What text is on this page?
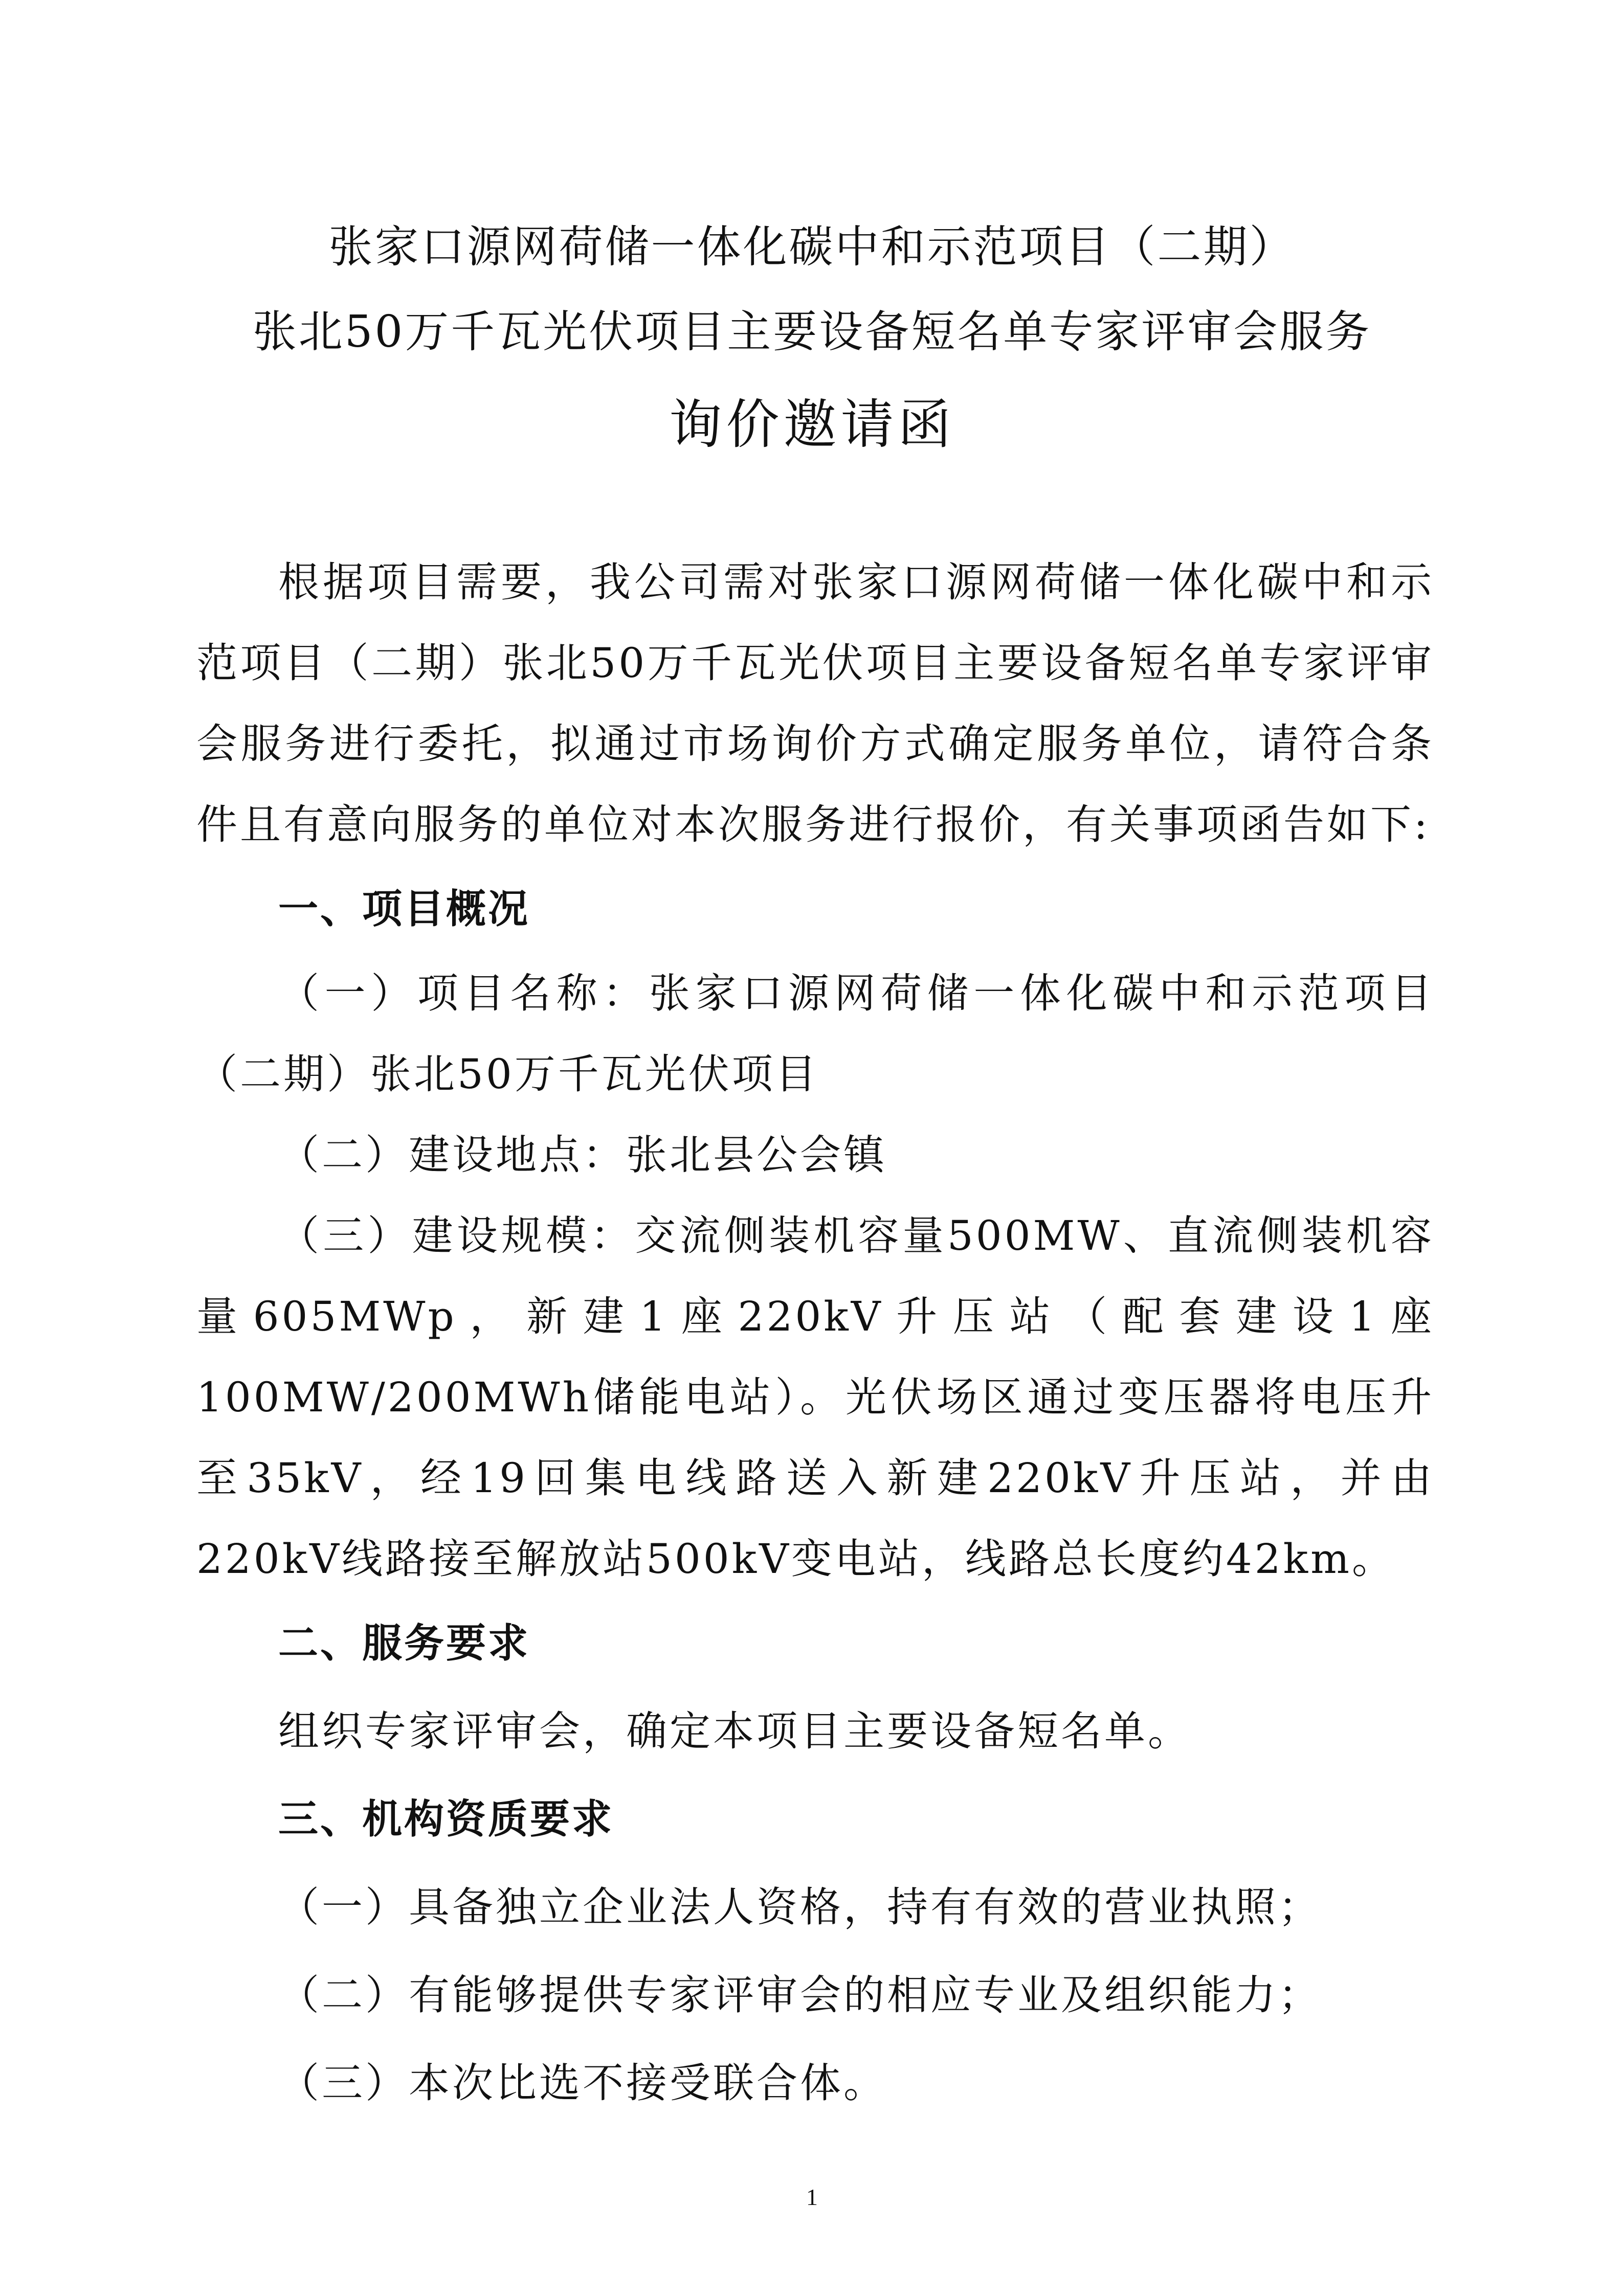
张家口源网荷储一体化碳中和示范项目（二期）
张北50万千瓦光伏项目主要设备短名单专家评审会服务
询价邀请函

根据项目需要，我公司需对张家口源网荷储一体化碳中和示范项目（二期）张北50万千瓦光伏项目主要设备短名单专家评审会服务进行委托，拟通过市场询价方式确定服务单位，请符合条件且有意向服务的单位对本次服务进行报价，有关事项函告如下:

一、项目概况

（一）项目名称：张家口源网荷储一体化碳中和示范项目（二期）张北50万千瓦光伏项目

（二）建设地点：张北县公会镇

（三）建设规模：交流侧装机容量500MW、直流侧装机容量605MWp，新建1座220kV升压站（配套建设1座100MW/200MWh储能电站）。光伏场区通过变压器将电压升至35kV，经19回集电线路送入新建220kV升压站，并由220kV线路接至解放站500kV变电站，线路总长度约42km。

二、服务要求

组织专家评审会，确定本项目主要设备短名单。

三、机构资质要求

（一）具备独立企业法人资格，持有有效的营业执照；

（二）有能够提供专家评审会的相应专业及组织能力；

（三）本次比选不接受联合体。

1
